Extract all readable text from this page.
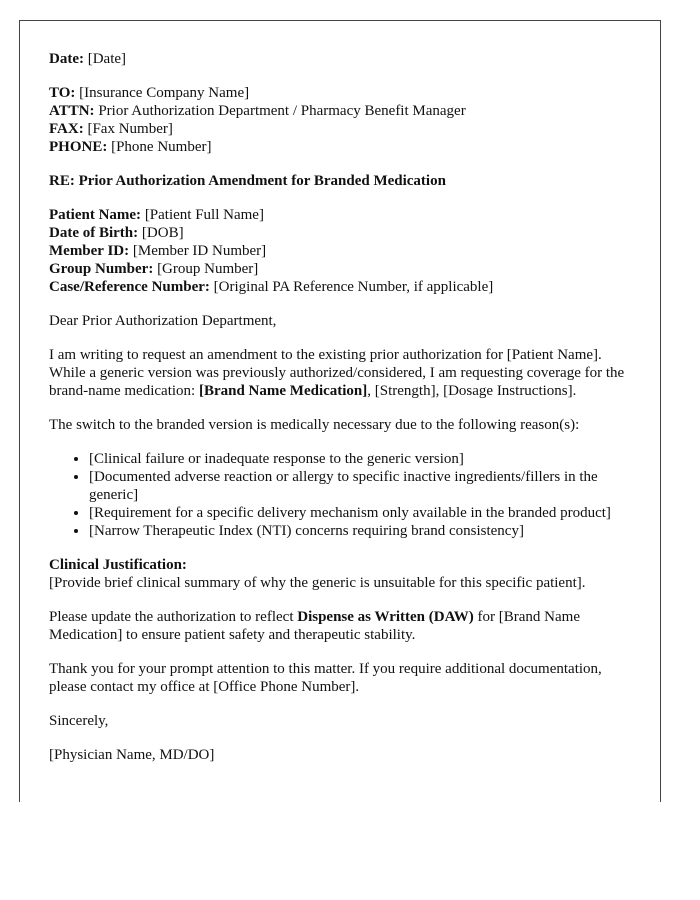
Date: [Date]

TO: [Insurance Company Name]

ATTN: Prior Authorization Department / Pharmacy Benefit Manager

FAX: [Fax Number]

PHONE: [Phone Number]

RE: Prior Authorization Amendment for Branded Medication

Patient Name: [Patient Full Name]

Date of Birth: [DOB]

Member ID: [Member ID Number]

Group Number: [Group Number]

Case/Reference Number: [Original PA Reference Number, if applicable]

Dear Prior Authorization Department,

I am writing to request an amendment to the existing prior authorization for [Patient Name]. While a generic version was previously authorized/considered, I am requesting coverage for the brand-name medication: [Brand Name Medication], [Strength], [Dosage Instructions].

The switch to the branded version is medically necessary due to the following reason(s):

• [Clinical failure or inadequate response to the generic version]
• [Documented adverse reaction or allergy to specific inactive ingredients/fillers in the generic]
• [Requirement for a specific delivery mechanism only available in the branded product]
• [Narrow Therapeutic Index (NTI) concerns requiring brand consistency]

Clinical Justification:

[Provide brief clinical summary of why the generic is unsuitable for this specific patient].

Please update the authorization to reflect Dispense as Written (DAW) for [Brand Name Medication] to ensure patient safety and therapeutic stability.

Thank you for your prompt attention to this matter. If you require additional documentation, please contact my office at [Office Phone Number].

Sincerely,

[Physician Name, MD/DO]
